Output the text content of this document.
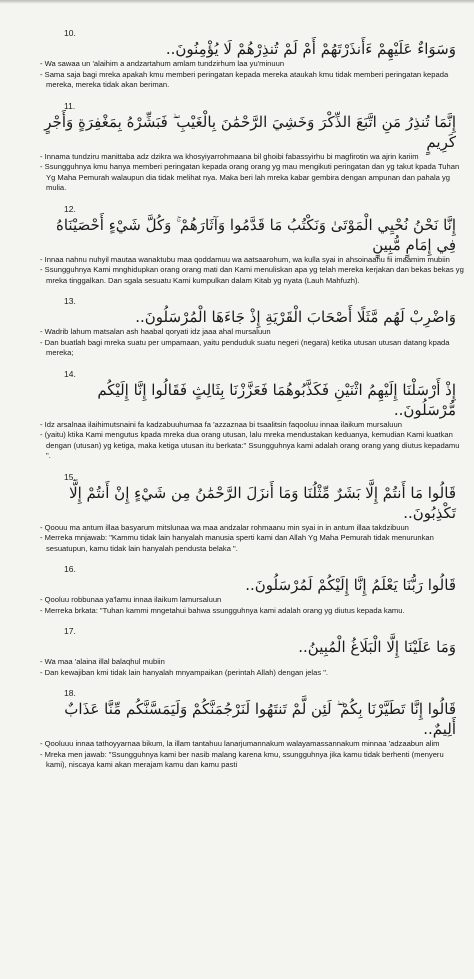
10.
وَسَوَاءٌ عَلَيْهِمْ ءَأَنذَرْتَهُمْ أَمْ لَمْ تُنذِرْهُمْ لَا يُؤْمِنُونَ..
- Wa sawaa un 'alaihim a andzartahum amlam tundzirhum laa yu'minuun
- Sama saja bagi mreka apakah kmu memberi peringatan kepada mereka ataukah kmu tidak memberi peringatan kepada mereka, mereka tidak akan beriman.
11.
إِنَّمَا تُنذِرُ مَنِ اتَّبَعَ الذِّكْرَ وَخَشِيَ الرَّحْمَٰنَ بِالْغَيْبِ ۖ فَبَشِّرْهُ بِمَغْفِرَةٍ وَأَجْرٍ كَرِيمٍ
- Innama tundziru manittaba adz dzikra wa khosyiyarrohmaana bil ghoibi fabassyirhu bi magfirotin wa ajrin kariim
- Ssungguhnya kmu hanya memberi peringatan kepada orang orang yg mau mengikuti peringatan dan yg takut kpada Tuhan Yg Maha Pemurah walaupun dia tidak melihat nya. Maka beri lah mreka kabar gembira dengan ampunan dan pahala yg mulia.
12.
إِنَّا نَحْنُ نُحْيِي الْمَوْتَىٰ وَنَكْتُبُ مَا قَدَّمُوا وَآثَارَهُمْ ۚ وَكُلَّ شَيْءٍ أَحْصَيْنَاهُ فِي إِمَامٍ مُّبِينٍ
- Innaa nahnu nuhyil mautaa wanaktubu maa qoddamuu wa aatsaarohum, wa kulla syai in ahsoinaahu fii imaamim mubiin
- Ssungguhnya Kami mnghidupkan orang orang mati dan Kami menuliskan apa yg telah mereka kerjakan dan bekas bekas yg mreka tinggalkan. Dan sgala sesuatu Kami kumpulkan dalam Kitab yg nyata (Lauh Mahfuzh).
13.
وَاضْرِبْ لَهُم مَّثَلًا أَصْحَابَ الْقَرْيَةِ إِذْ جَاءَهَا الْمُرْسَلُونَ..
- Wadrib lahum matsalan ash haabal qoryati idz jaaa ahal mursaluun
- Dan buatlah bagi mreka suatu per umpamaan, yaitu penduduk suatu negeri (negara) ketika utusan utusan datang kpada mereka;
14.
إِذْ أَرْسَلْنَا إِلَيْهِمُ اثْنَيْنِ فَكَذَّبُوهُمَا فَعَزَّزْنَا بِثَالِثٍ فَقَالُوا إِنَّا إِلَيْكُم مُّرْسَلُونَ..
- Idz arsalnaa ilaihimutsnaini fa kadzabuuhumaa fa 'azzaznaa bi tsaalitsin faqooluu innaa ilaikum mursaluun
- (yaitu) ktika Kami mengutus kpada mreka dua orang utusan, lalu mreka mendustakan keduanya, kemudian Kami kuatkan dengan (utusan) yg ketiga, maka ketiga utusan itu berkata:" Ssungguhnya kami adalah orang orang yang diutus kepadamu ".
15.
قَالُوا مَا أَنتُمْ إِلَّا بَشَرٌ مِّثْلُنَا وَمَا أَنزَلَ الرَّحْمَٰنُ مِن شَيْءٍ إِنْ أَنتُمْ إِلَّا تَكْذِبُونَ..
- Qoouu ma antum illaa basyarum mitslunaa wa maa andzalar rohmaanu min syai in in antum illaa takdzibuun
- Merreka mnjawab: "Kammu tidak lain hanyalah manusia sperti kami dan Allah Yg Maha Pemurah tidak menurunkan sesuatupun, kamu tidak lain hanyalah pendusta belaka ".
16.
قَالُوا رَبُّنَا يَعْلَمُ إِنَّا إِلَيْكُمْ لَمُرْسَلُونَ..
- Qooluu robbunaa ya'lamu innaa ilaikum lamursaluun
- Merreka brkata: "Tuhan kammi mngetahui bahwa ssungguhnya kami adalah orang yg diutus kepada kamu.
17.
وَمَا عَلَيْنَا إِلَّا الْبَلَاغُ الْمُبِينُ..
- Wa maa 'alaina illal balaqhul mubiin
- Dan kewajiban kmi tidak lain hanyalah mnyampaikan (perintah Allah) dengan jelas ".
18.
قَالُوا إِنَّا تَطَيَّرْنَا بِكُمْ ۖ لَئِن لَّمْ تَنتَهُوا لَنَرْجُمَنَّكُمْ وَلَيَمَسَّنَّكُم مِّنَّا عَذَابٌ أَلِيمٌ..
- Qooluuu innaa tathoyyarnaa bikum, la illam tantahuu lanarjumannakum walayamassannakum minnaa 'adzaabun alim
- Mreka men jawab: "Ssungguhnya kami ber nasib malang karena kmu, ssungguhnya jika kamu tidak berhenti (menyeru kami), niscaya kami akan merajam kamu dan kamu pasti
